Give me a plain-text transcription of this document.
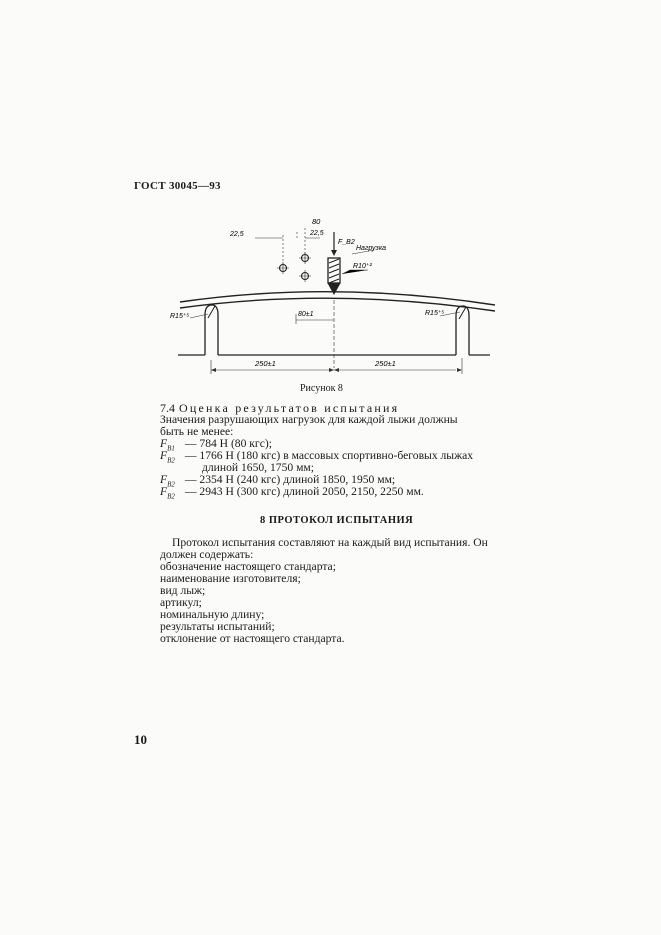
ГОСТ 30045—93
80
22,5	22,5
F_B2
Нагрузка
R10⁺²
R15⁺⁵	R15⁺⁵
80±1
250±1	250±1
Рисунок 8
7.4 Оценка результатов испытания
Значения разрушающих нагрузок для каждой лыжи должны
быть не менее:
$F_{B1}$ — 784 Н (80 кгс);
$F_{B2}$ — 1766 Н (180 кгс) в массовых спортивно-беговых лыжах
длиной 1650, 1750 мм;
$F_{B2}$ — 2354 Н (240 кгс) длиной 1850, 1950 мм;
$F_{B2}$ — 2943 Н (300 кгс) длиной 2050, 2150, 2250 мм.
8 ПРОТОКОЛ ИСПЫТАНИЯ
Протокол испытания составляют на каждый вид испытания. Он
должен содержать:
обозначение настоящего стандарта;
наименование изготовителя;
вид лыж;
артикул;
номинальную длину;
результаты испытаний;
отклонение от настоящего стандарта.
10
